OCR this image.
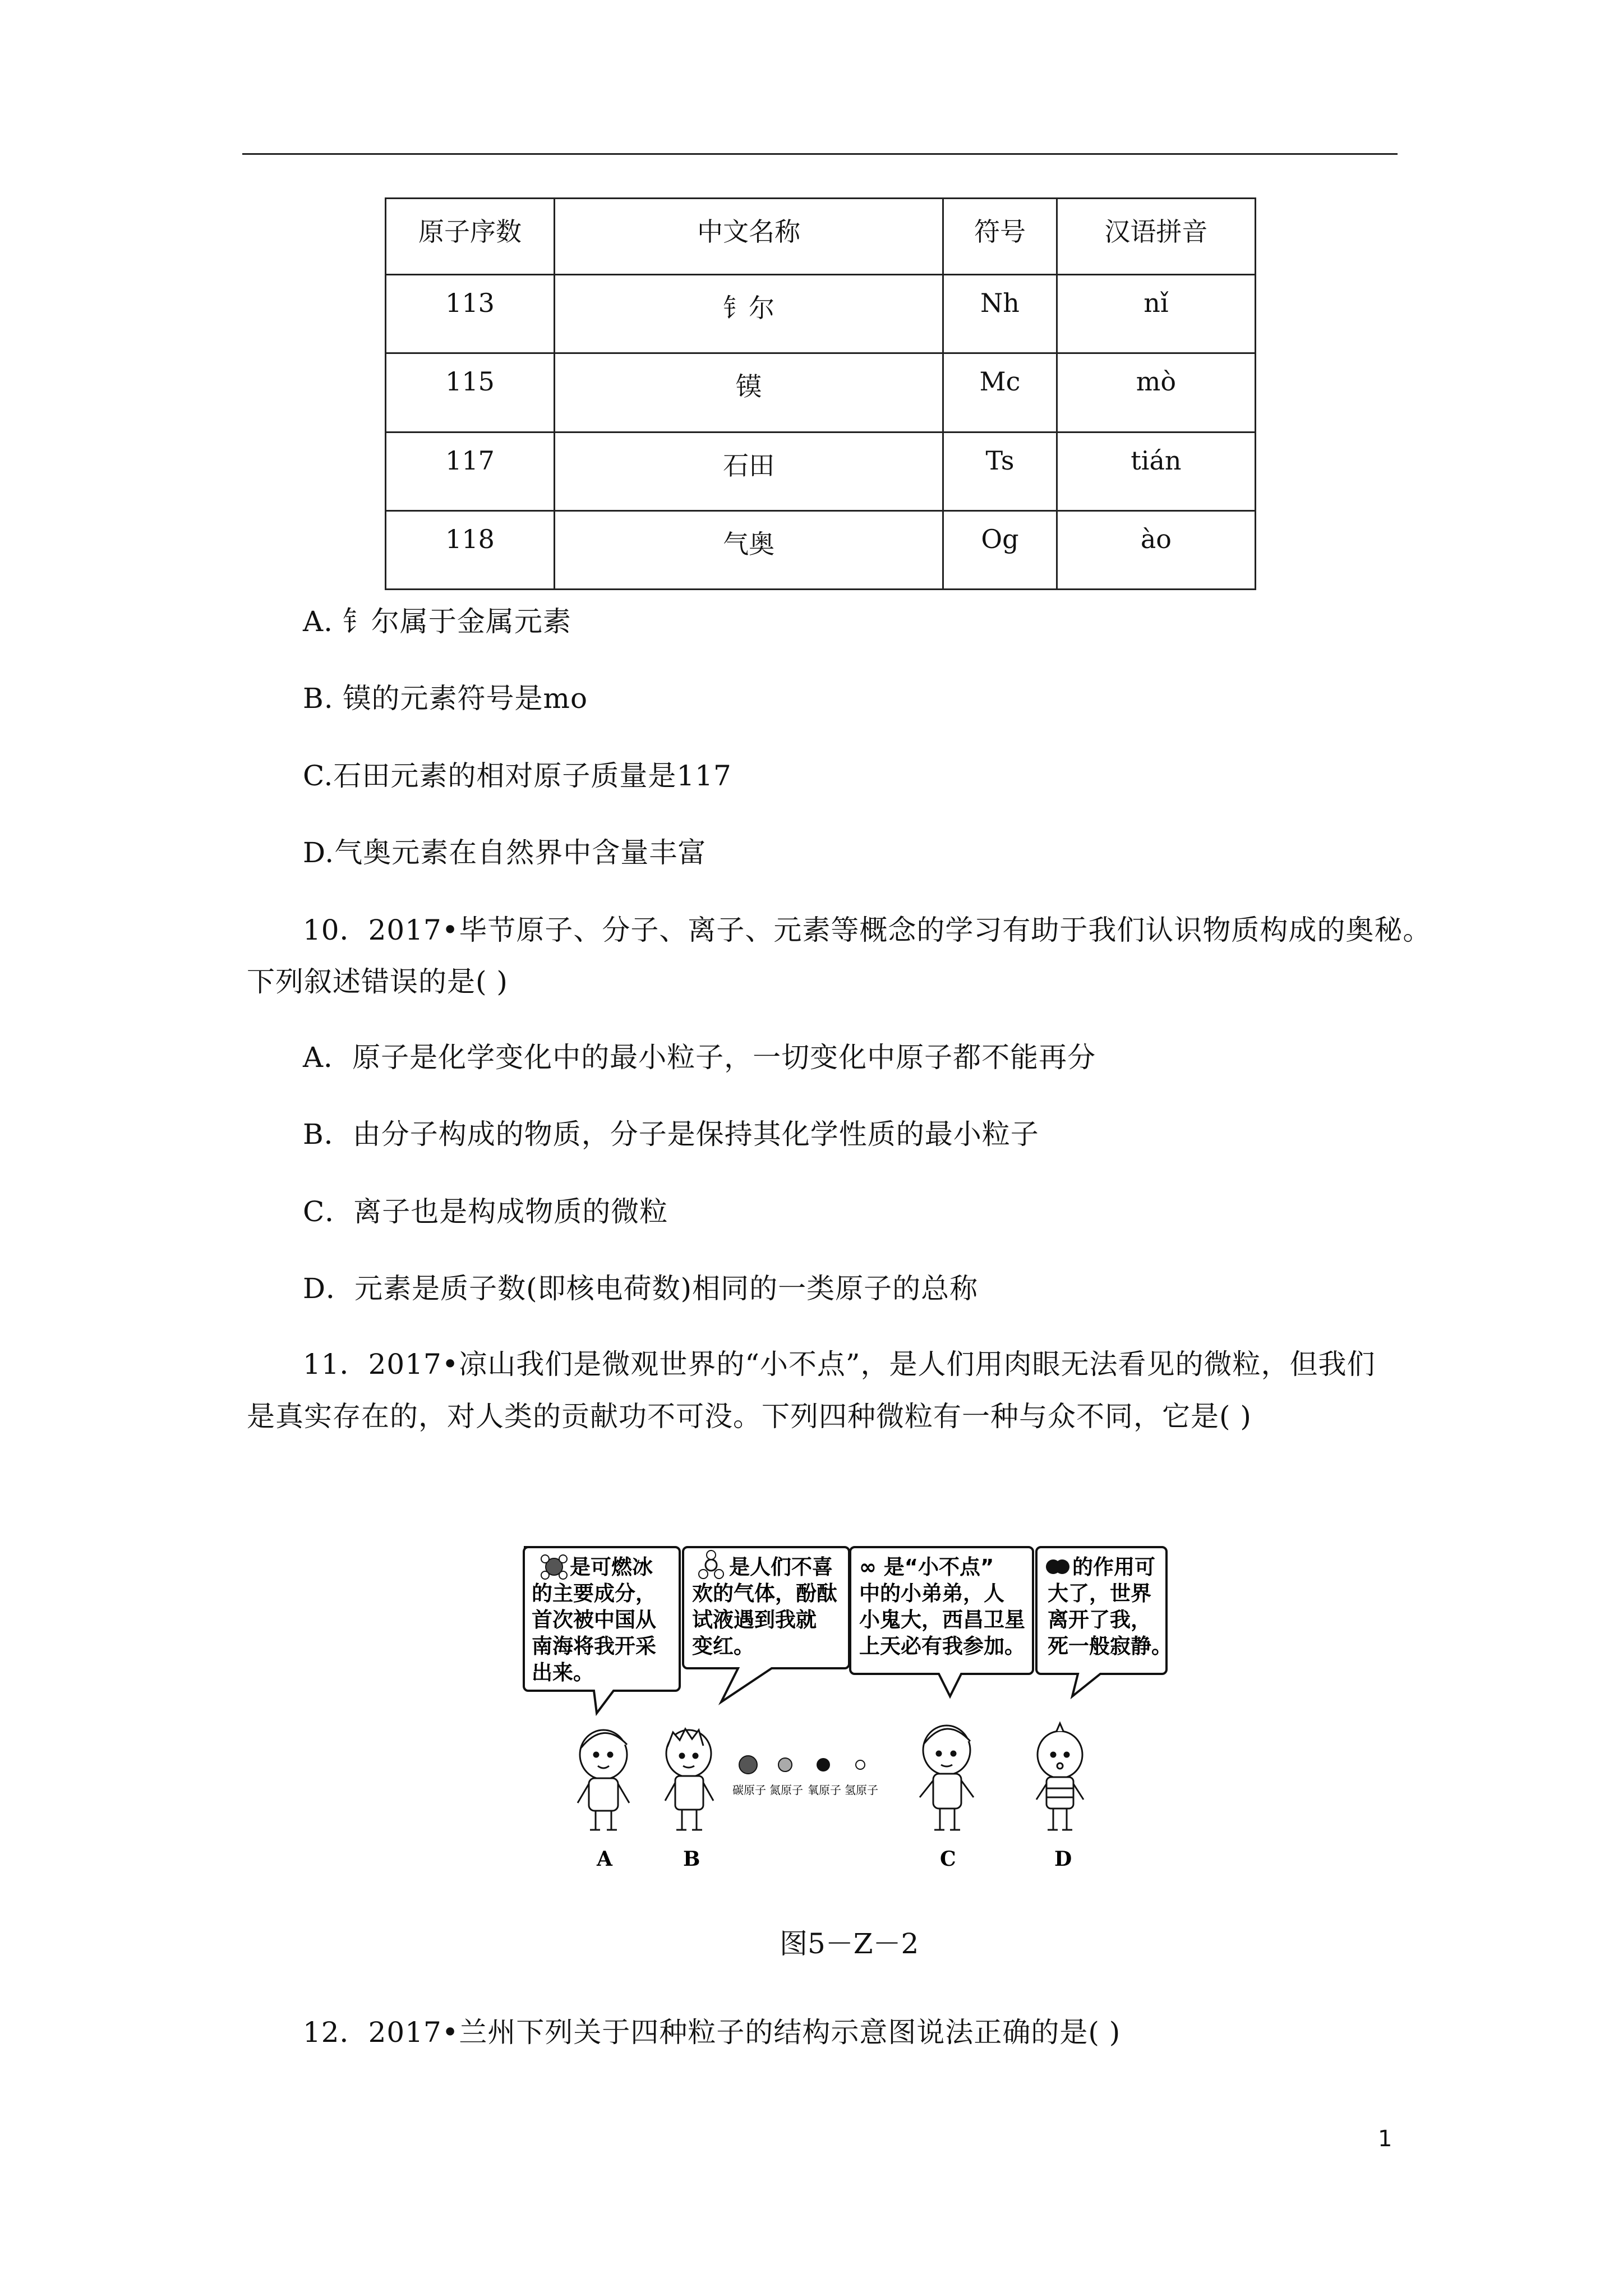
原子序数	中文名称	符号	汉语拼音
113	钅尔	Nh	nǐ
115	镆	Mc	mò
117	石田	Ts	tián
118	气奥	Og	ào
A. 钅尔属于金属元素
B. 镆的元素符号是mo
C.石田元素的相对原子质量是117
D.气奥元素在自然界中含量丰富
10．2017•毕节原子、分子、离子、元素等概念的学习有助于我们认识物质构成的奥秘。
下列叙述错误的是( )
A．原子是化学变化中的最小粒子，一切变化中原子都不能再分
B．由分子构成的物质，分子是保持其化学性质的最小粒子
C．离子也是构成物质的微粒
D．元素是质子数(即核电荷数)相同的一类原子的总称
11．2017•凉山我们是微观世界的“小不点”，是人们用肉眼无法看见的微粒，但我们
是真实存在的，对人类的贡献功不可没。下列四种微粒有一种与众不同，它是( )
是可燃冰
的主要成分，
首次被中国从
南海将我开采
出来。
是人们不喜
欢的气体，酚酞
试液遇到我就
变红。
∞ 是“小不点”
中的小弟弟，人
小鬼大，西昌卫星
上天必有我参加。
的作用可
大了，世界
离开了我，
死一般寂静。
碳原子 氮原子 氧原子 氢原子
A	B	C	D
图5－Z－2
12．2017•兰州下列关于四种粒子的结构示意图说法正确的是( )
1
